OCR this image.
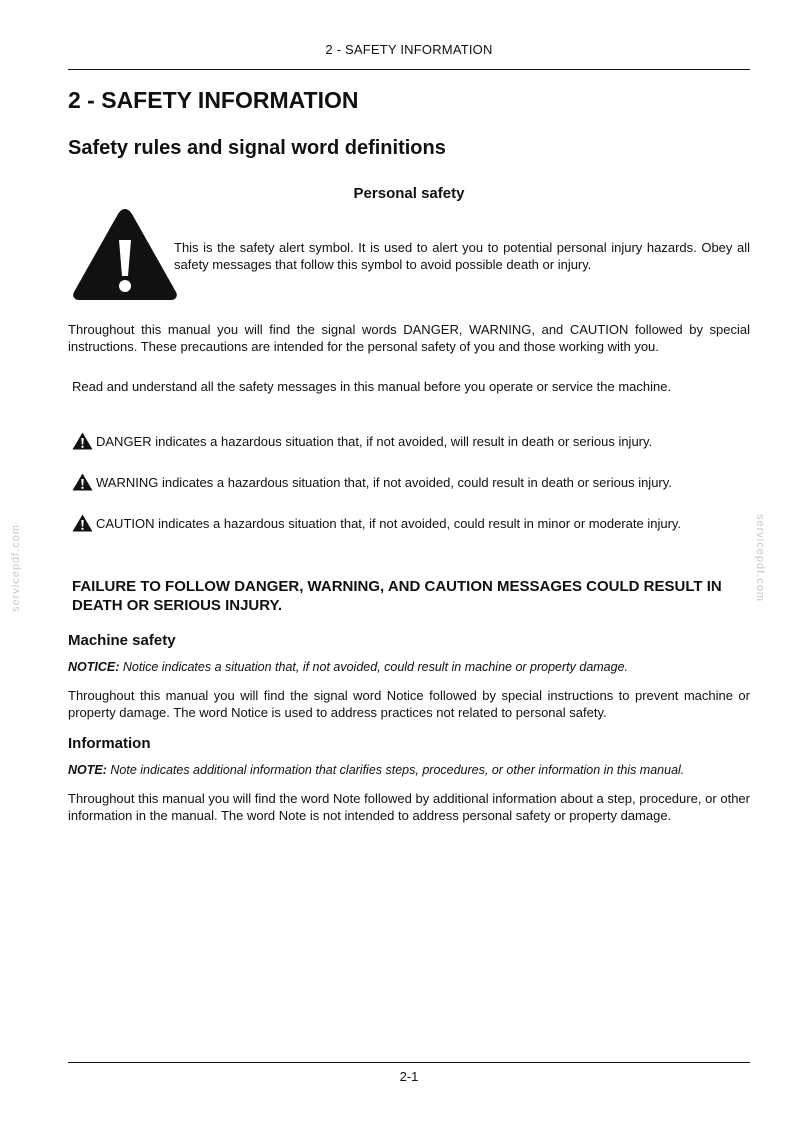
2 - SAFETY INFORMATION
2 - SAFETY INFORMATION
Safety rules and signal word definitions
Personal safety
This is the safety alert symbol. It is used to alert you to potential personal injury hazards. Obey all safety messages that follow this symbol to avoid possible death or injury.
Throughout this manual you will find the signal words DANGER, WARNING, and CAUTION followed by special instructions. These precautions are intended for the personal safety of you and those working with you.
Read and understand all the safety messages in this manual before you operate or service the machine.
DANGER indicates a hazardous situation that, if not avoided, will result in death or serious injury.
WARNING indicates a hazardous situation that, if not avoided, could result in death or serious injury.
CAUTION indicates a hazardous situation that, if not avoided, could result in minor or moderate injury.
FAILURE TO FOLLOW DANGER, WARNING, AND CAUTION MESSAGES COULD RESULT IN DEATH OR SERIOUS INJURY.
Machine safety
NOTICE: Notice indicates a situation that, if not avoided, could result in machine or property damage.
Throughout this manual you will find the signal word Notice followed by special instructions to prevent machine or property damage. The word Notice is used to address practices not related to personal safety.
Information
NOTE: Note indicates additional information that clarifies steps, procedures, or other information in this manual.
Throughout this manual you will find the word Note followed by additional information about a step, procedure, or other information in the manual. The word Note is not intended to address personal safety or property damage.
servicepdf.com	servicepdf.com
2-1
